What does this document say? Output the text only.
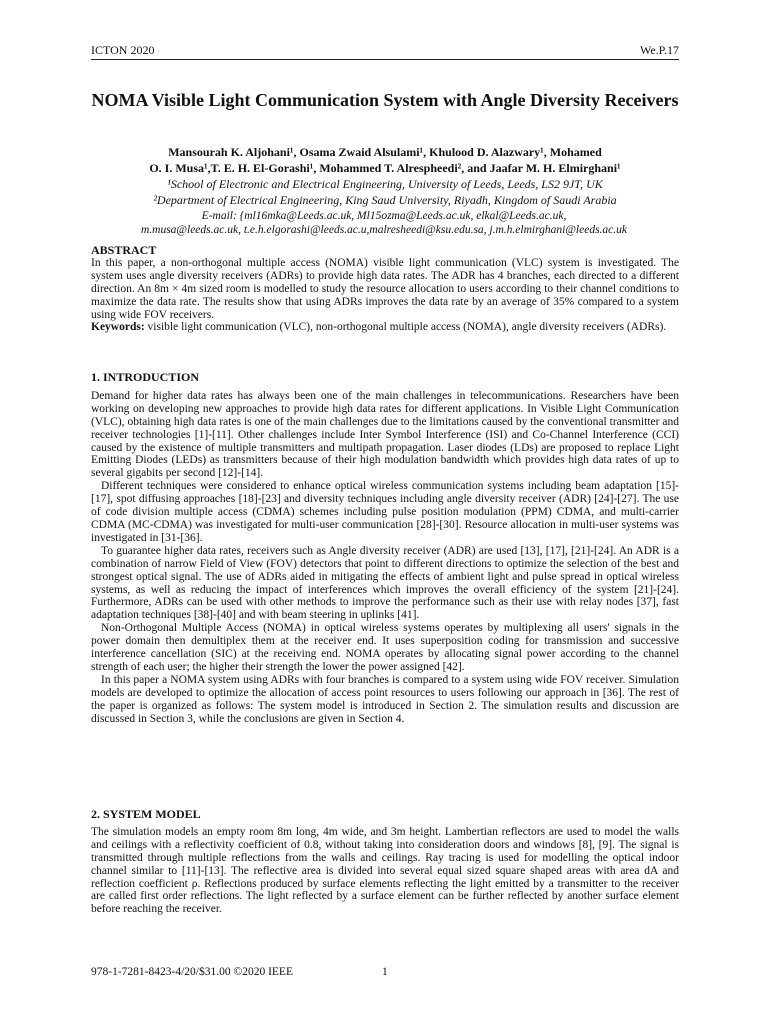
ICTON 2020	We.P.17
NOMA Visible Light Communication System with Angle Diversity Receivers
Mansourah K. Aljohani¹, Osama Zwaid Alsulami¹, Khulood D. Alazwary¹, Mohamed
O. I. Musa¹,T. E. H. El-Gorashi¹, Mohammed T. Alrespheedi², and Jaafar M. H. Elmirghani¹
¹School of Electronic and Electrical Engineering, University of Leeds, Leeds, LS2 9JT, UK
²Department of Electrical Engineering, King Saud University, Riyadh, Kingdom of Saudi Arabia
E-mail: {ml16mka@Leeds.ac.uk, Ml15ozma@Leeds.ac.uk, elkal@Leeds.ac.uk,
m.musa@leeds.ac.uk, t.e.h.elgorashi@leeds.ac.u,malresheedi@ksu.edu.sa, j.m.h.elmirghani@leeds.ac.uk
ABSTRACT

In this paper, a non-orthogonal multiple access (NOMA) visible light communication (VLC) system is investigated. The system uses angle diversity receivers (ADRs) to provide high data rates. The ADR has 4 branches, each directed to a different direction. An 8m × 4m sized room is modelled to study the resource allocation to users according to their channel conditions to maximize the data rate. The results show that using ADRs improves the data rate by an average of 35% compared to a system using wide FOV receivers.

Keywords: visible light communication (VLC), non-orthogonal multiple access (NOMA), angle diversity receivers (ADRs).
1. INTRODUCTION

Demand for higher data rates has always been one of the main challenges in telecommunications. Researchers have been working on developing new approaches to provide high data rates for different applications. In Visible Light Communication (VLC), obtaining high data rates is one of the main challenges due to the limitations caused by the conventional transmitter and receiver technologies [1]-[11]. Other challenges include Inter Symbol Interference (ISI) and Co-Channel Interference (CCI) caused by the existence of multiple transmitters and multipath propagation. Laser diodes (LDs) are proposed to replace Light Emitting Diodes (LEDs) as transmitters because of their high modulation bandwidth which provides high data rates of up to several gigabits per second [12]-[14].

Different techniques were considered to enhance optical wireless communication systems including beam adaptation [15]-[17], spot diffusing approaches [18]-[23] and diversity techniques including angle diversity receiver (ADR) [24]-[27]. The use of code division multiple access (CDMA) schemes including pulse position modulation (PPM) CDMA, and multi-carrier CDMA (MC-CDMA) was investigated for multi-user communication [28]-[30]. Resource allocation in multi-user systems was investigated in [31-[36].

To guarantee higher data rates, receivers such as Angle diversity receiver (ADR) are used [13], [17], [21]-[24]. An ADR is a combination of narrow Field of View (FOV) detectors that point to different directions to optimize the selection of the best and strongest optical signal. The use of ADRs aided in mitigating the effects of ambient light and pulse spread in optical wireless systems, as well as reducing the impact of interferences which improves the overall efficiency of the system [21]-[24]. Furthermore, ADRs can be used with other methods to improve the performance such as their use with relay nodes [37], fast adaptation techniques [38]-[40] and with beam steering in uplinks [41].

Non-Orthogonal Multiple Access (NOMA) in optical wireless systems operates by multiplexing all users' signals in the power domain then demultiplex them at the receiver end. It uses superposition coding for transmission and successive interference cancellation (SIC) at the receiving end. NOMA operates by allocating signal power according to the channel strength of each user; the higher their strength the lower the power assigned [42].

In this paper a NOMA system using ADRs with four branches is compared to a system using wide FOV receiver. Simulation models are developed to optimize the allocation of access point resources to users following our approach in [36]. The rest of the paper is organized as follows: The system model is introduced in Section 2. The simulation results and discussion are discussed in Section 3, while the conclusions are given in Section 4.

2. SYSTEM MODEL

The simulation models an empty room 8m long, 4m wide, and 3m height. Lambertian reflectors are used to model the walls and ceilings with a reflectivity coefficient of 0.8, without taking into consideration doors and windows [8], [9]. The signal is transmitted through multiple reflections from the walls and ceilings. Ray tracing is used for modelling the optical indoor channel similar to [11]-[13]. The reflective area is divided into several equal sized square shaped areas with area dA and reflection coefficient ρ. Reflections produced by surface elements reflecting the light emitted by a transmitter to the receiver are called first order reflections. The light reflected by a surface element can be further reflected by another surface element before reaching the receiver.

978-1-7281-8423-4/20/$31.00 ©2020 IEEE	1
